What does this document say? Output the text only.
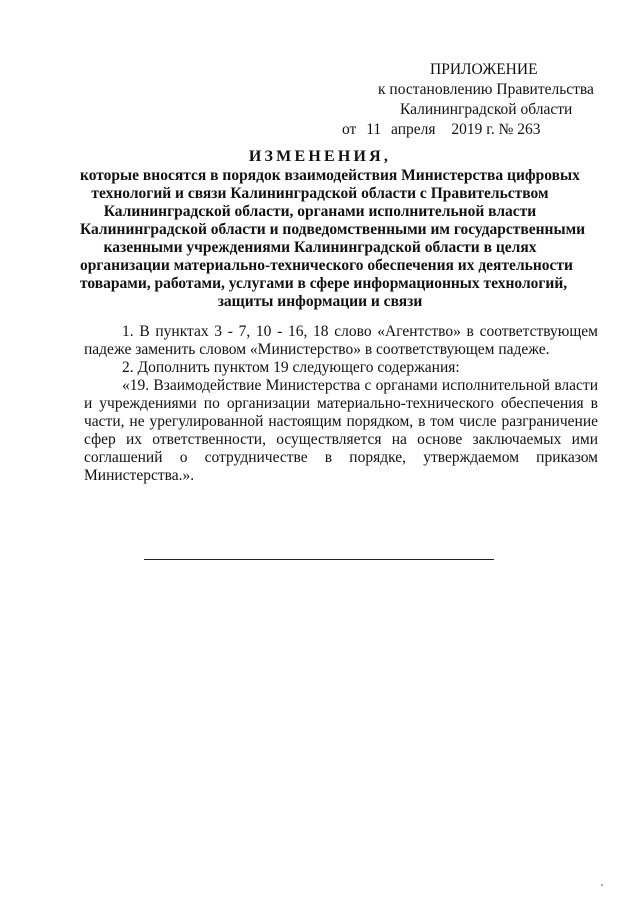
ПРИЛОЖЕНИЕ
к постановлению Правительства
Калининградской области
от 11 апреля 2019 г. № 263
ИЗМЕНЕНИЯ,
которые вносятся в порядок взаимодействия Министерства цифровых
технологий и связи Калининградской области с Правительством
Калининградской области, органами исполнительной власти
Калининградской области и подведомственными им государственными
казенными учреждениями Калининградской области в целях
организации материально-технического обеспечения их деятельности
товарами, работами, услугами в сфере информационных технологий,
защиты информации и связи

1. В пунктах 3 - 7, 10 - 16, 18 слово «Агентство» в соответствующем падеже заменить словом «Министерство» в соответствующем падеже.

2. Дополнить пунктом 19 следующего содержания:

«19. Взаимодействие Министерства с органами исполнительной власти и учреждениями по организации материально-технического обеспечения в части, не урегулированной настоящим порядком, в том числе разграничение сфер их ответственности, осуществляется на основе заключаемых ими соглашений о сотрудничестве в порядке, утверждаемом приказом

Министерства.».
